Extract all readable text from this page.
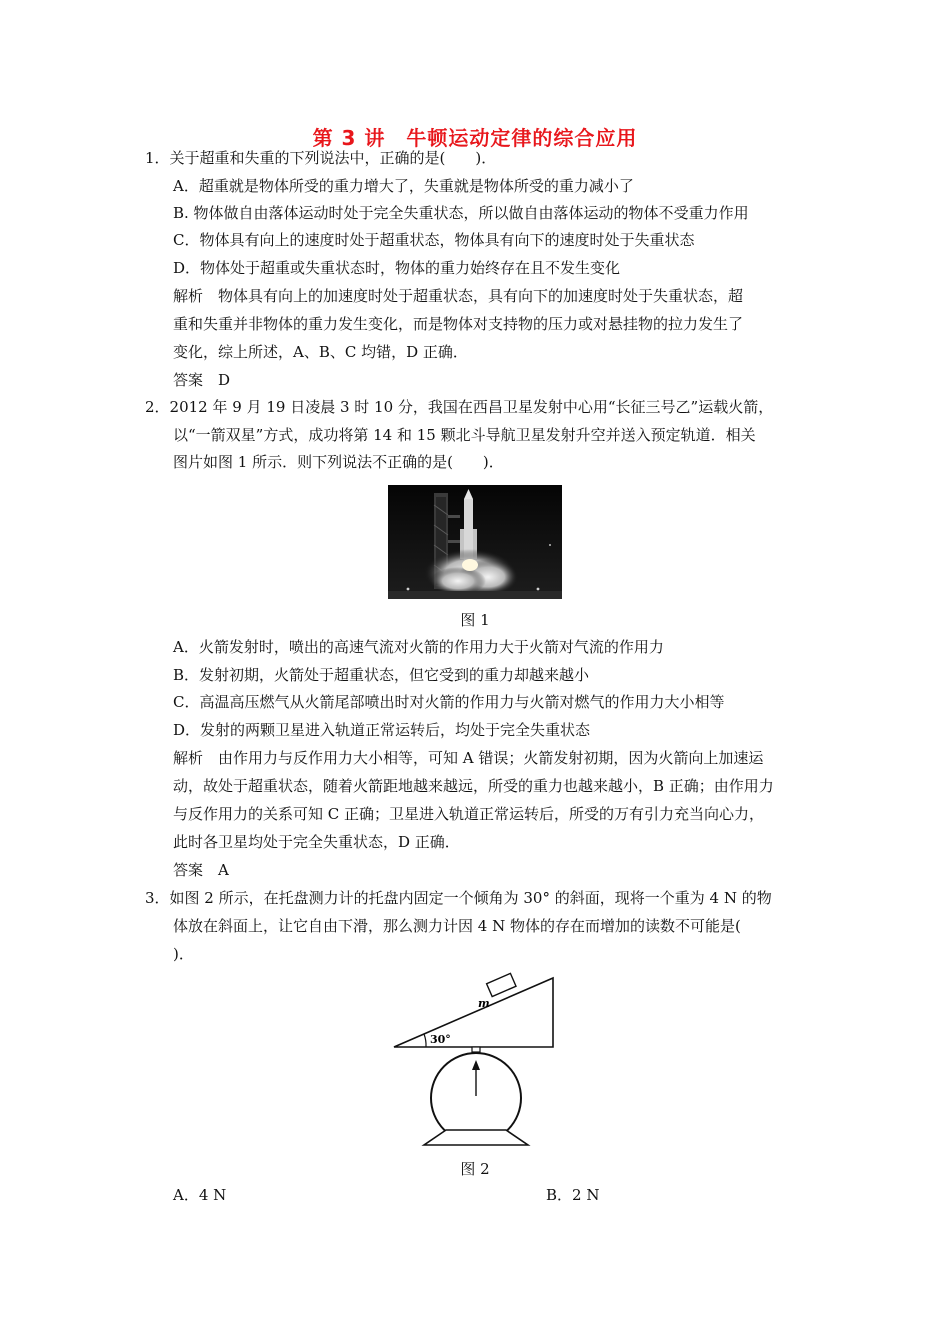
第 3 讲　牛顿运动定律的综合应用
1．关于超重和失重的下列说法中，正确的是(　　)．
A．超重就是物体所受的重力增大了，失重就是物体所受的重力减小了
B. 物体做自由落体运动时处于完全失重状态，所以做自由落体运动的物体不受重力作用
C．物体具有向上的速度时处于超重状态，物体具有向下的速度时处于失重状态
D．物体处于超重或失重状态时，物体的重力始终存在且不发生变化
解析　物体具有向上的加速度时处于超重状态，具有向下的加速度时处于失重状态，超
重和失重并非物体的重力发生变化，而是物体对支持物的压力或对悬挂物的拉力发生了
变化，综上所述，A、B、C 均错，D 正确．
答案　D
2．2012 年 9 月 19 日凌晨 3 时 10 分，我国在西昌卫星发射中心用“长征三号乙”运载火箭，
以“一箭双星”方式，成功将第 14 和 15 颗北斗导航卫星发射升空并送入预定轨道．相关
图片如图 1 所示．则下列说法不正确的是(　　)．
图 1
A．火箭发射时，喷出的高速气流对火箭的作用力大于火箭对气流的作用力
B．发射初期，火箭处于超重状态，但它受到的重力却越来越小
C．高温高压燃气从火箭尾部喷出时对火箭的作用力与火箭对燃气的作用力大小相等
D．发射的两颗卫星进入轨道正常运转后，均处于完全失重状态
解析　由作用力与反作用力大小相等，可知 A 错误；火箭发射初期，因为火箭向上加速运
动，故处于超重状态，随着火箭距地越来越远，所受的重力也越来越小，B 正确；由作用力
与反作用力的关系可知 C 正确；卫星进入轨道正常运转后，所受的万有引力充当向心力，
此时各卫星均处于完全失重状态，D 正确．
答案　A
3．如图 2 所示，在托盘测力计的托盘内固定一个倾角为 30° 的斜面，现将一个重为 4 N 的物
体放在斜面上，让它自由下滑，那么测力计因 4 N 物体的存在而增加的读数不可能是(
)．
m
30°
图 2
A．4 N	B．2 N
